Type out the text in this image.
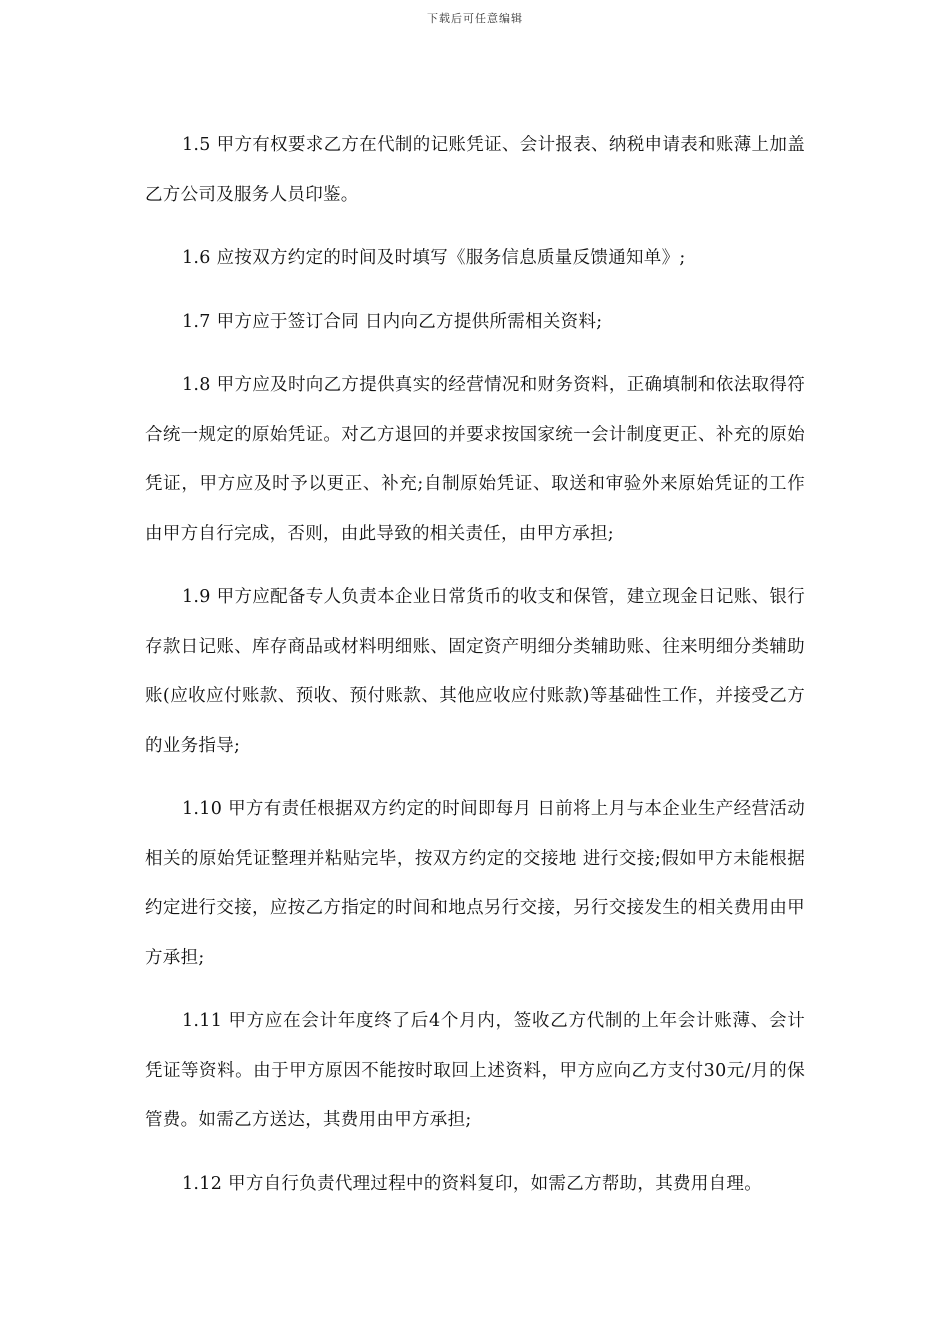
下载后可任意编辑

1.5 甲方有权要求乙方在代制的记账凭证、会计报表、纳税申请表和账薄上加盖乙方公司及服务人员印鉴。

1.6 应按双方约定的时间及时填写《服务信息质量反馈通知单》;

1.7 甲方应于签订合同 日内向乙方提供所需相关资料;

1.8 甲方应及时向乙方提供真实的经营情况和财务资料，正确填制和依法取得符合统一规定的原始凭证。对乙方退回的并要求按国家统一会计制度更正、补充的原始凭证，甲方应及时予以更正、补充;自制原始凭证、取送和审验外来原始凭证的工作由甲方自行完成，否则，由此导致的相关责任，由甲方承担;

1.9 甲方应配备专人负责本企业日常货币的收支和保管，建立现金日记账、银行存款日记账、库存商品或材料明细账、固定资产明细分类辅助账、往来明细分类辅助账(应收应付账款、预收、预付账款、其他应收应付账款)等基础性工作，并接受乙方的业务指导;

1.10 甲方有责任根据双方约定的时间即每月 日前将上月与本企业生产经营活动相关的原始凭证整理并粘贴完毕，按双方约定的交接地 进行交接;假如甲方未能根据约定进行交接，应按乙方指定的时间和地点另行交接，另行交接发生的相关费用由甲方承担;

1.11 甲方应在会计年度终了后4个月内，签收乙方代制的上年会计账薄、会计凭证等资料。由于甲方原因不能按时取回上述资料，甲方应向乙方支付30元/月的保管费。如需乙方送达，其费用由甲方承担;

1.12 甲方自行负责代理过程中的资料复印，如需乙方帮助，其费用自理。
